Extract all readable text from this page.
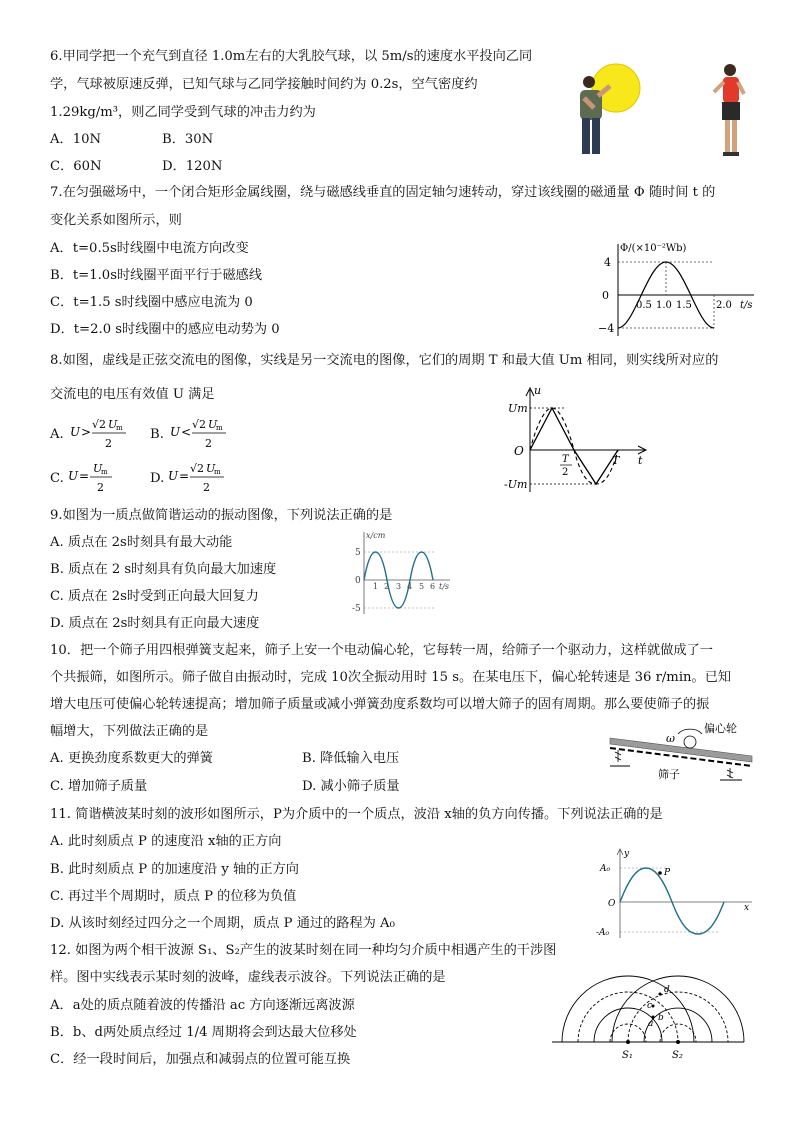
6.甲同学把一个充气到直径 1.0m左右的大乳胶气球，以 5m/s的速度水平投向乙同
学，气球被原速反弹，已知气球与乙同学接触时间约为 0.2s，空气密度约
1.29kg/m³，则乙同学受到气球的冲击力约为
A．10N	B．30N
C．60N	D．120N
7.在匀强磁场中，一个闭合矩形金属线圈，绕与磁感线垂直的固定轴匀速转动，穿过该线圈的磁通量 Φ 随时间 t 的
变化关系如图所示，则
A．t=0.5s时线圈中电流方向改变
B．t=1.0s时线圈平面平行于磁感线
C．t=1.5 s时线圈中感应电流为 0
D．t=2.0 s时线圈中的感应电动势为 0
Φ/(×10⁻²Wb)
4
0
−4
0.5 1.0 1.5 2.0 t/s
8.如图，虚线是正弦交流电的图像，实线是另一交流电的图像，它们的周期 T 和最大值 Um 相同，则实线所对应的
交流电的电压有效值 U 满足
A. U >
√2 U
m
2
B. U <
√2 U
m
2
C. U =
U
m
2
D. U =
√2 U
m
2
u
Um
-Um
O
T
2
T t
9.如图为一质点做简谐运动的振动图像，下列说法正确的是
A. 质点在 2s时刻具有最大动能
B. 质点在 2 s时刻具有负向最大加速度
C. 质点在 2s时受到正向最大回复力
D. 质点在 2s时刻具有正向最大速度
x/cm
5
0
-5
1 2 3 4 5 6 t/s
10．把一个筛子用四根弹簧支起来，筛子上安一个电动偏心轮，它每转一周，给筛子一个驱动力，这样就做成了一
个共振筛，如图所示。筛子做自由振动时，完成 10次全振动用时 15 s。在某电压下，偏心轮转速是 36 r/min。已知
增大电压可使偏心轮转速提高；增加筛子质量或减小弹簧劲度系数均可以增大筛子的固有周期。那么要使筛子的振
幅增大，下列做法正确的是
A. 更换劲度系数更大的弹簧	B. 降低输入电压
C. 增加筛子质量	D. 减小筛子质量
ω
偏心轮
筛子
11. 简谐横波某时刻的波形如图所示，P为介质中的一个质点，波沿 x轴的负方向传播。下列说法正确的是
A. 此时刻质点 P 的速度沿 x轴的正方向
B. 此时刻质点 P 的加速度沿 y 轴的正方向
C. 再过半个周期时，质点 P 的位移为负值
D. 从该时刻经过四分之一个周期，质点 P 通过的路程为 A₀
y
A₀
-A₀
O
P
x
12. 如图为两个相干波源 S₁、S₂产生的波某时刻在同一种均匀介质中相遇产生的干涉图
样。图中实线表示某时刻的波峰，虚线表示波谷。下列说法正确的是
A．a处的质点随着波的传播沿 ac 方向逐渐远离波源
B．b、d两处质点经过 1/4 周期将会到达最大位移处
C．经一段时间后，加强点和减弱点的位置可能互换	S₁	S₂
a
b
c
d
